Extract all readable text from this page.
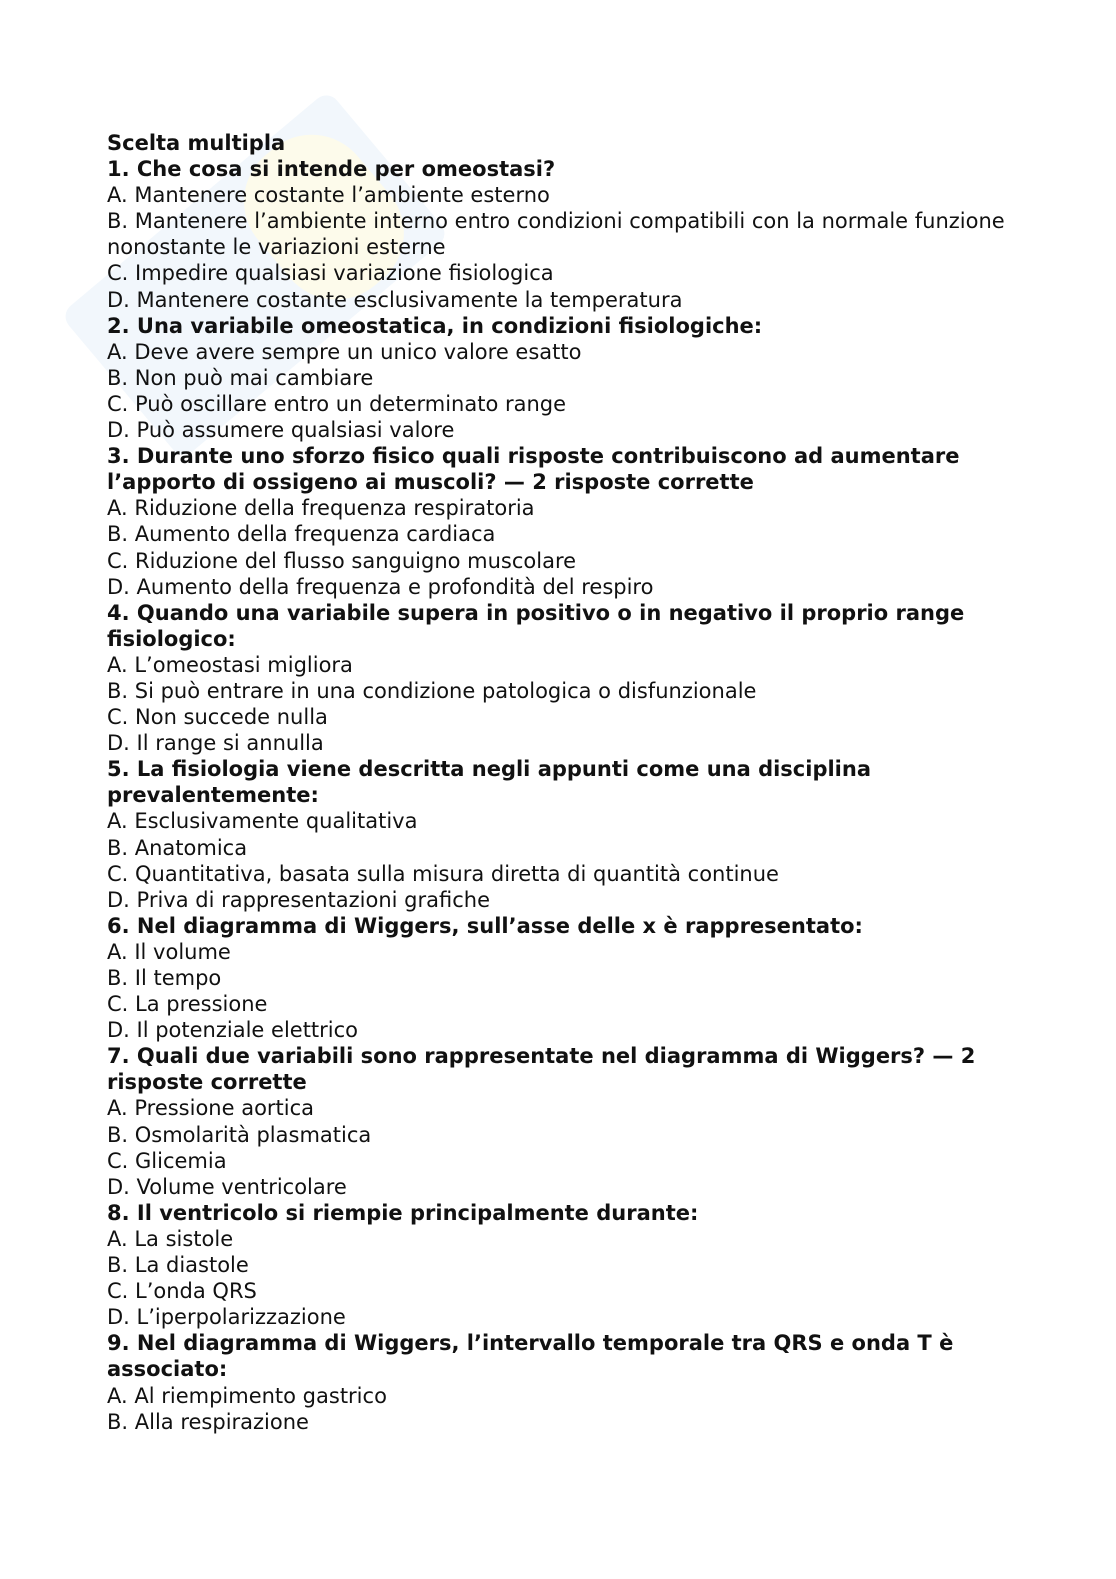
Scelta multipla
1. Che cosa si intende per omeostasi?
A. Mantenere costante l’ambiente esterno
B. Mantenere l’ambiente interno entro condizioni compatibili con la normale funzione nonostante le variazioni esterne
C. Impedire qualsiasi variazione fisiologica
D. Mantenere costante esclusivamente la temperatura
2. Una variabile omeostatica, in condizioni fisiologiche:
A. Deve avere sempre un unico valore esatto
B. Non può mai cambiare
C. Può oscillare entro un determinato range
D. Può assumere qualsiasi valore
3. Durante uno sforzo fisico quali risposte contribuiscono ad aumentare l’apporto di ossigeno ai muscoli? — 2 risposte corrette
A. Riduzione della frequenza respiratoria
B. Aumento della frequenza cardiaca
C. Riduzione del flusso sanguigno muscolare
D. Aumento della frequenza e profondità del respiro
4. Quando una variabile supera in positivo o in negativo il proprio range fisiologico:
A. L’omeostasi migliora
B. Si può entrare in una condizione patologica o disfunzionale
C. Non succede nulla
D. Il range si annulla
5. La fisiologia viene descritta negli appunti come una disciplina prevalentemente:
A. Esclusivamente qualitativa
B. Anatomica
C. Quantitativa, basata sulla misura diretta di quantità continue
D. Priva di rappresentazioni grafiche
6. Nel diagramma di Wiggers, sull’asse delle x è rappresentato:
A. Il volume
B. Il tempo
C. La pressione
D. Il potenziale elettrico
7. Quali due variabili sono rappresentate nel diagramma di Wiggers? — 2 risposte corrette
A. Pressione aortica
B. Osmolarità plasmatica
C. Glicemia
D. Volume ventricolare
8. Il ventricolo si riempie principalmente durante:
A. La sistole
B. La diastole
C. L’onda QRS
D. L’iperpolarizzazione
9. Nel diagramma di Wiggers, l’intervallo temporale tra QRS e onda T è associato:
A. Al riempimento gastrico
B. Alla respirazione
